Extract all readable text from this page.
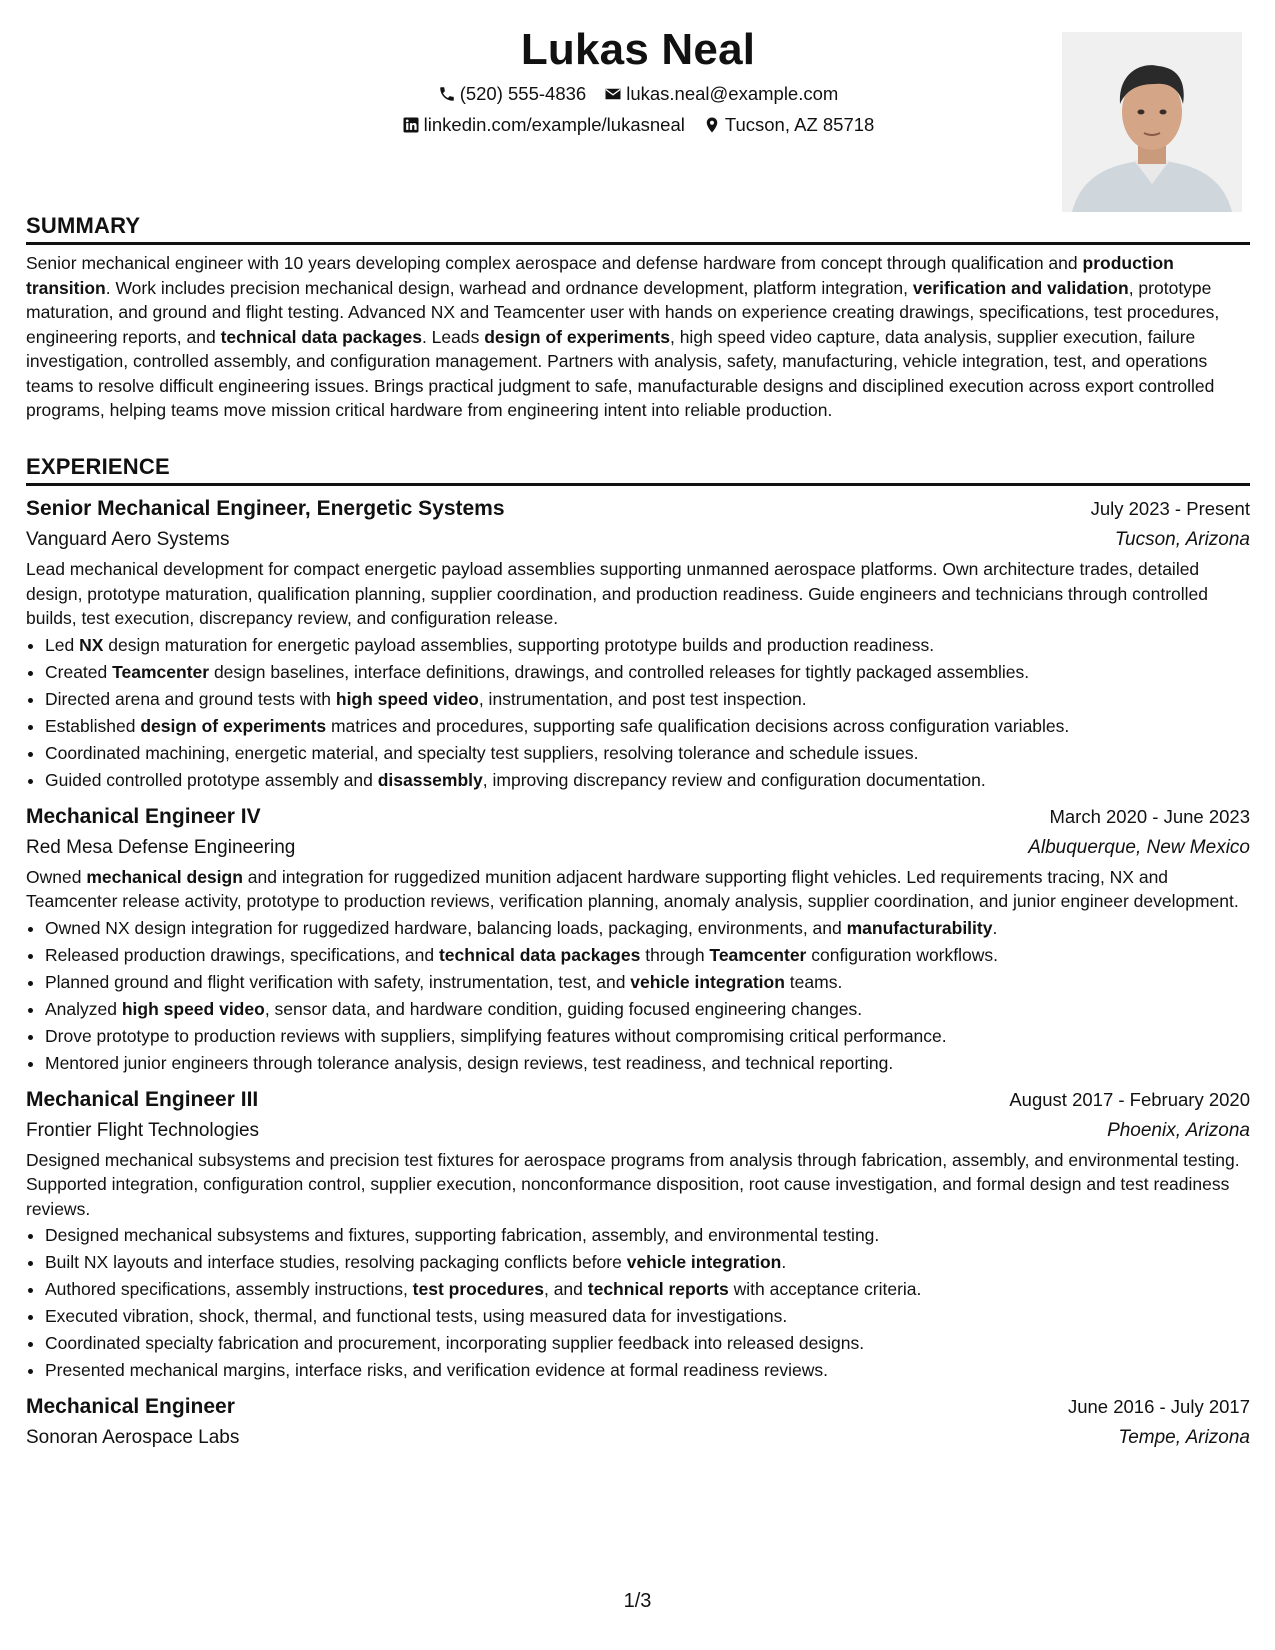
Lukas Neal
(520) 555-4836 lukas.neal@example.com
linkedin.com/example/lukasneal Tucson, AZ 85718
SUMMARY

Senior mechanical engineer with 10 years developing complex aerospace and defense hardware from concept through qualification and production transition. Work includes precision mechanical design, warhead and ordnance development, platform integration, verification and validation, prototype maturation, and ground and flight testing. Advanced NX and Teamcenter user with hands on experience creating drawings, specifications, test procedures, engineering reports, and technical data packages. Leads design of experiments, high speed video capture, data analysis, supplier execution, failure investigation, controlled assembly, and configuration management. Partners with analysis, safety, manufacturing, vehicle integration, test, and operations teams to resolve difficult engineering issues. Brings practical judgment to safe, manufacturable designs and disciplined execution across export controlled programs, helping teams move mission critical hardware from engineering intent into reliable production.

EXPERIENCE
Senior Mechanical Engineer, Energetic Systems	July 2023 - Present
Vanguard Aero Systems	Tucson, Arizona

Lead mechanical development for compact energetic payload assemblies supporting unmanned aerospace platforms. Own architecture trades, detailed design, prototype maturation, qualification planning, supplier coordination, and production readiness. Guide engineers and technicians through controlled builds, test execution, discrepancy review, and configuration release.

• Led NX design maturation for energetic payload assemblies, supporting prototype builds and production readiness.
• Created Teamcenter design baselines, interface definitions, drawings, and controlled releases for tightly packaged assemblies.
• Directed arena and ground tests with high speed video, instrumentation, and post test inspection.
• Established design of experiments matrices and procedures, supporting safe qualification decisions across configuration variables.
• Coordinated machining, energetic material, and specialty test suppliers, resolving tolerance and schedule issues.
• Guided controlled prototype assembly and disassembly, improving discrepancy review and configuration documentation.
Mechanical Engineer IV	March 2020 - June 2023
Red Mesa Defense Engineering	Albuquerque, New Mexico

Owned mechanical design and integration for ruggedized munition adjacent hardware supporting flight vehicles. Led requirements tracing, NX and Teamcenter release activity, prototype to production reviews, verification planning, anomaly analysis, supplier coordination, and junior engineer development.

• Owned NX design integration for ruggedized hardware, balancing loads, packaging, environments, and manufacturability.
• Released production drawings, specifications, and technical data packages through Teamcenter configuration workflows.
• Planned ground and flight verification with safety, instrumentation, test, and vehicle integration teams.
• Analyzed high speed video, sensor data, and hardware condition, guiding focused engineering changes.
• Drove prototype to production reviews with suppliers, simplifying features without compromising critical performance.
• Mentored junior engineers through tolerance analysis, design reviews, test readiness, and technical reporting.
Mechanical Engineer III	August 2017 - February 2020
Frontier Flight Technologies	Phoenix, Arizona

Designed mechanical subsystems and precision test fixtures for aerospace programs from analysis through fabrication, assembly, and environmental testing. Supported integration, configuration control, supplier execution, nonconformance disposition, root cause investigation, and formal design and test readiness reviews.

• Designed mechanical subsystems and fixtures, supporting fabrication, assembly, and environmental testing.
• Built NX layouts and interface studies, resolving packaging conflicts before vehicle integration.
• Authored specifications, assembly instructions, test procedures, and technical reports with acceptance criteria.
• Executed vibration, shock, thermal, and functional tests, using measured data for investigations.
• Coordinated specialty fabrication and procurement, incorporating supplier feedback into released designs.
• Presented mechanical margins, interface risks, and verification evidence at formal readiness reviews.
Mechanical Engineer	June 2016 - July 2017
Sonoran Aerospace Labs	Tempe, Arizona
1/3
